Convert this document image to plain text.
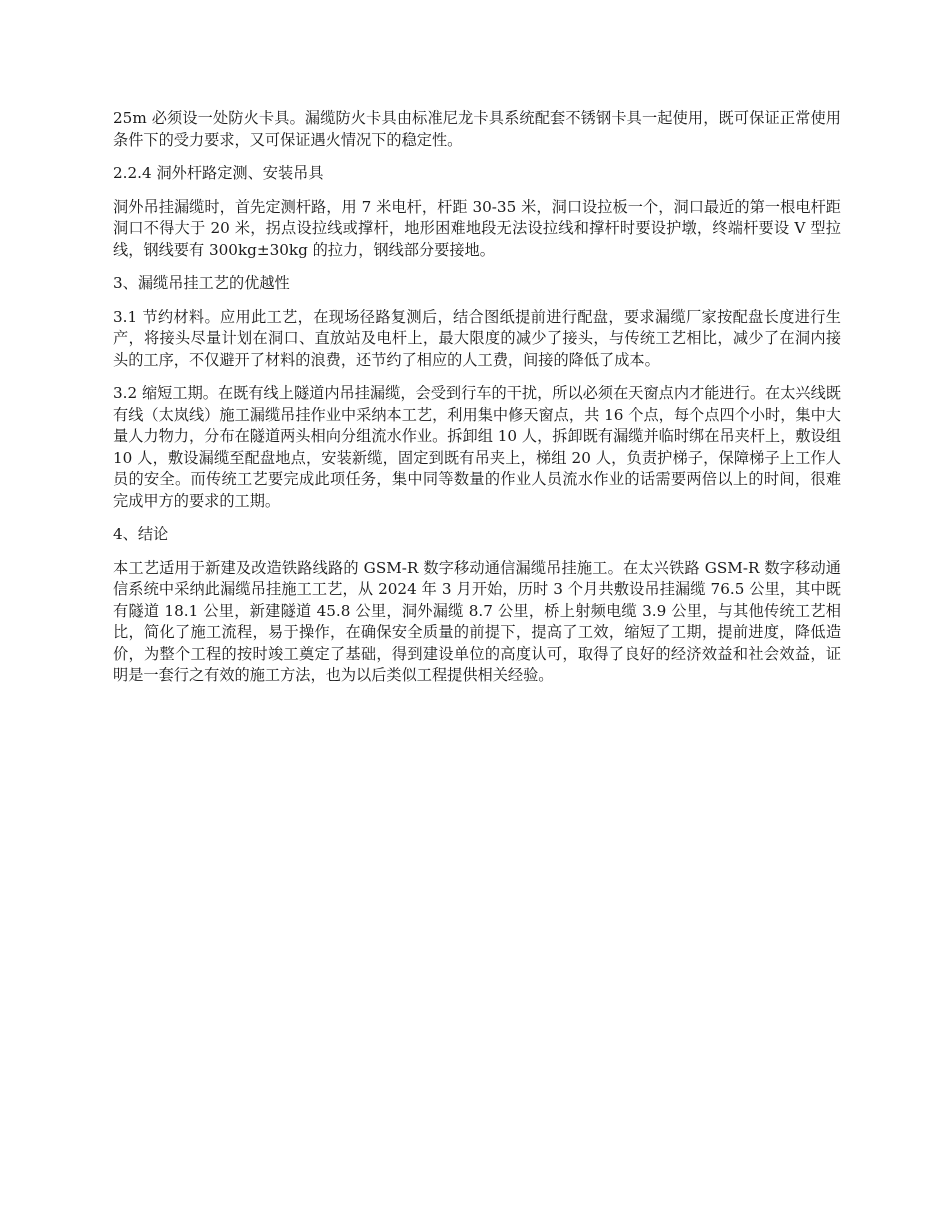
25m 必须设一处防火卡具。漏缆防火卡具由标准尼龙卡具系统配套不锈钢卡具一起使用，既可保证正常使用条件下的受力要求，又可保证遇火情况下的稳定性。

2.2.4 洞外杆路定测、安装吊具

洞外吊挂漏缆时，首先定测杆路，用 7 米电杆，杆距 30-35 米，洞口设拉板一个，洞口最近的第一根电杆距洞口不得大于 20 米，拐点设拉线或撑杆，地形困难地段无法设拉线和撑杆时要设护墩，终端杆要设 V 型拉线，钢线要有 300kg±30kg 的拉力，钢线部分要接地。

3、漏缆吊挂工艺的优越性

3.1 节约材料。应用此工艺，在现场径路复测后，结合图纸提前进行配盘，要求漏缆厂家按配盘长度进行生产，将接头尽量计划在洞口、直放站及电杆上，最大限度的减少了接头，与传统工艺相比，减少了在洞内接头的工序，不仅避开了材料的浪费，还节约了相应的人工费，间接的降低了成本。

3.2 缩短工期。在既有线上隧道内吊挂漏缆，会受到行车的干扰，所以必须在天窗点内才能进行。在太兴线既有线（太岚线）施工漏缆吊挂作业中采纳本工艺，利用集中修天窗点，共 16 个点，每个点四个小时，集中大量人力物力，分布在隧道两头相向分组流水作业。拆卸组 10 人，拆卸既有漏缆并临时绑在吊夹杆上，敷设组 10 人，敷设漏缆至配盘地点，安装新缆，固定到既有吊夹上，梯组 20 人，负责护梯子，保障梯子上工作人员的安全。而传统工艺要完成此项任务，集中同等数量的作业人员流水作业的话需要两倍以上的时间，很难完成甲方的要求的工期。

4、结论

本工艺适用于新建及改造铁路线路的 GSM-R 数字移动通信漏缆吊挂施工。在太兴铁路 GSM-R 数字移动通信系统中采纳此漏缆吊挂施工工艺，从 2024 年 3 月开始，历时 3 个月共敷设吊挂漏缆 76.5 公里，其中既有隧道 18.1 公里，新建隧道 45.8 公里，洞外漏缆 8.7 公里，桥上射频电缆 3.9 公里，与其他传统工艺相比，简化了施工流程，易于操作，在确保安全质量的前提下，提高了工效，缩短了工期，提前进度，降低造价，为整个工程的按时竣工奠定了基础，得到建设单位的高度认可，取得了良好的经济效益和社会效益，证明是一套行之有效的施工方法，也为以后类似工程提供相关经验。
